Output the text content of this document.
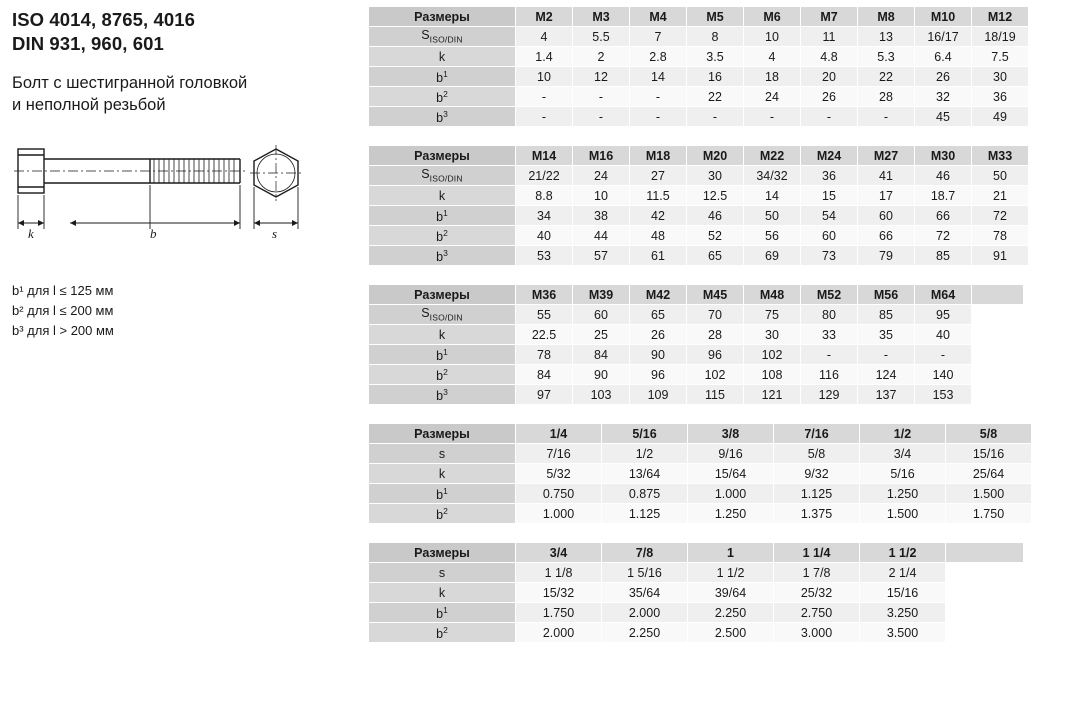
ISO 4014, 8765, 4016
DIN 931, 960, 601
Болт с шестиграннoй головкой
и неполной резьбой
k	b	s
b¹ для l ≤ 125 мм
b² для l ≤ 200 мм
b³ для l > 200 мм
Размеры	M2	M3	M4	M5	M6	M7	M8	M10	M12
$S_{ISO/DIN}$	4	5.5	7	8	10	11	13	16/17	18/19
k	1.4	2	2.8	3.5	4	4.8	5.3	6.4	7.5
$b^1$	10	12	14	16	18	20	22	26	30
$b^2$	-	-	-	22	24	26	28	32	36
$b^3$	-	-	-	-	-	-	-	45	49
Размеры	M14	M16	M18	M20	M22	M24	M27	M30	M33
$S_{ISO/DIN}$	21/22	24	27	30	34/32	36	41	46	50
k	8.8	10	11.5	12.5	14	15	17	18.7	21
$b^1$	34	38	42	46	50	54	60	66	72
$b^2$	40	44	48	52	56	60	66	72	78
$b^3$	53	57	61	65	69	73	79	85	91
Размеры	M36	M39	M42	M45	M48	M52	M56	M64	
$S_{ISO/DIN}$	55	60	65	70	75	80	85	95	
k	22.5	25	26	28	30	33	35	40	
$b^1$	78	84	90	96	102	-	-	-	
$b^2$	84	90	96	102	108	116	124	140	
$b^3$	97	103	109	115	121	129	137	153	
Размеры	1/4	5/16	3/8	7/16	1/2	5/8
s	7/16	1/2	9/16	5/8	3/4	15/16
k	5/32	13/64	15/64	9/32	5/16	25/64
$b^1$	0.750	0.875	1.000	1.125	1.250	1.500
$b^2$	1.000	1.125	1.250	1.375	1.500	1.750
Размеры	3/4	7/8	1	1 1/4	1 1/2	
s	1 1/8	1 5/16	1 1/2	1 7/8	2 1/4	
k	15/32	35/64	39/64	25/32	15/16	
$b^1$	1.750	2.000	2.250	2.750	3.250	
$b^2$	2.000	2.250	2.500	3.000	3.500	
